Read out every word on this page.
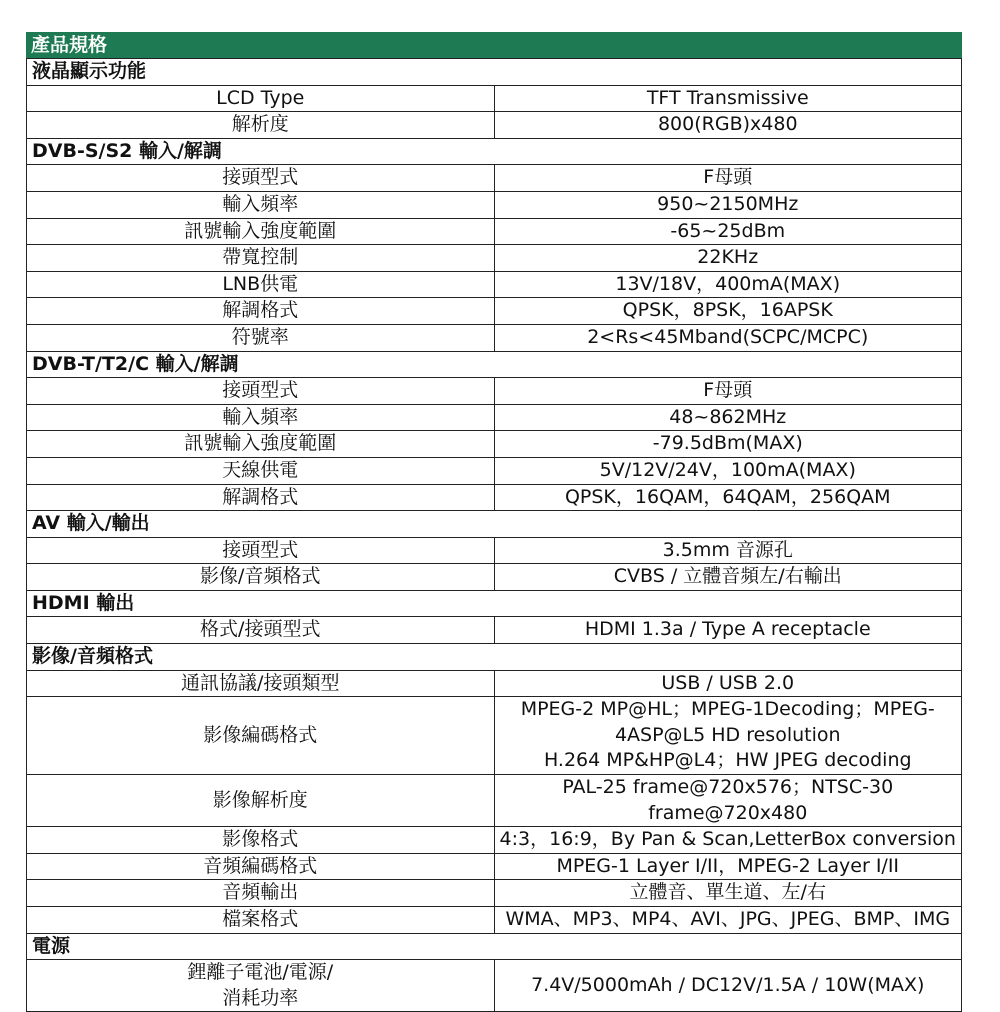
產品規格
液晶顯示功能	
LCD Type	TFT Transmissive

解析度	800(RGB)x480

DVB-S/S2 輸入/解調	
接頭型式	F母頭

輸入頻率	950~2150MHz

訊號輸入強度範圍	-65~25dBm

帶寬控制	22KHz

LNB供電	13V/18V，400mA(MAX)

解調格式	QPSK，8PSK，16APSK

符號率	2<Rs<45Mband(SCPC/MCPC)

DVB-T/T2/C 輸入/解調	
接頭型式	F母頭

輸入頻率	48~862MHz

訊號輸入強度範圍	-79.5dBm(MAX)

天線供電	5V/12V/24V，100mA(MAX)

解調格式	QPSK，16QAM，64QAM，256QAM

AV 輸入/輸出	
接頭型式	3.5mm 音源孔

影像/音頻格式	CVBS / 立體音頻左/右輸出

HDMI 輸出	
格式/接頭型式	HDMI 1.3a / Type A receptacle

影像/音頻格式	
通訊協議/接頭類型	USB / USB 2.0

影像編碼格式	MPEG-2 MP@HL；MPEG-1Decoding；MPEG-4ASP@L5 HD resolution
H.264 MP&HP@L4；HW JPEG decoding

影像解析度	PAL-25 frame@720x576；NTSC-30 frame@720x480

影像格式	4:3，16:9，By Pan & Scan,LetterBox conversion

音頻編碼格式	MPEG-1 Layer I/II，MPEG-2 Layer I/II

音頻輸出	立體音、單生道、左/右

檔案格式	WMA、MP3、MP4、AVI、JPG、JPEG、BMP、IMG

電源	

鋰離子電池/電源/
消耗功率	7.4V/5000mAh / DC12V/1.5A / 10W(MAX)
